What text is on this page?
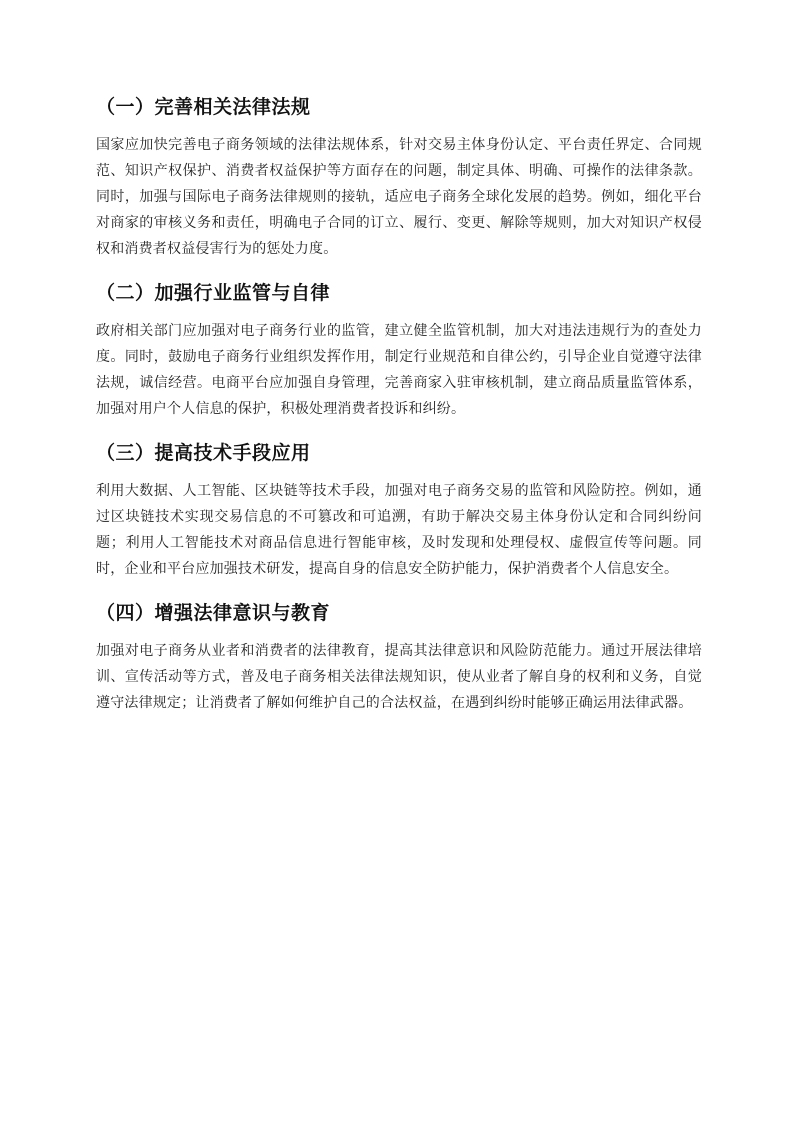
（一）完善相关法律法规

国家应加快完善电子商务领域的法律法规体系，针对交易主体身份认定、平台责任界定、合同规范、知识产权保护、消费者权益保护等方面存在的问题，制定具体、明确、可操作的法律条款。同时，加强与国际电子商务法律规则的接轨，适应电子商务全球化发展的趋势。例如，细化平台对商家的审核义务和责任，明确电子合同的订立、履行、变更、解除等规则，加大对知识产权侵权和消费者权益侵害行为的惩处力度。

（二）加强行业监管与自律

政府相关部门应加强对电子商务行业的监管，建立健全监管机制，加大对违法违规行为的查处力度。同时，鼓励电子商务行业组织发挥作用，制定行业规范和自律公约，引导企业自觉遵守法律法规，诚信经营。电商平台应加强自身管理，完善商家入驻审核机制，建立商品质量监管体系，加强对用户个人信息的保护，积极处理消费者投诉和纠纷。

（三）提高技术手段应用

利用大数据、人工智能、区块链等技术手段，加强对电子商务交易的监管和风险防控。例如，通过区块链技术实现交易信息的不可篡改和可追溯，有助于解决交易主体身份认定和合同纠纷问题；利用人工智能技术对商品信息进行智能审核，及时发现和处理侵权、虚假宣传等问题。同时，企业和平台应加强技术研发，提高自身的信息安全防护能力，保护消费者个人信息安全。

（四）增强法律意识与教育

加强对电子商务从业者和消费者的法律教育，提高其法律意识和风险防范能力。通过开展法律培训、宣传活动等方式，普及电子商务相关法律法规知识，使从业者了解自身的权利和义务，自觉遵守法律规定；让消费者了解如何维护自己的合法权益，在遇到纠纷时能够正确运用法律武器。
